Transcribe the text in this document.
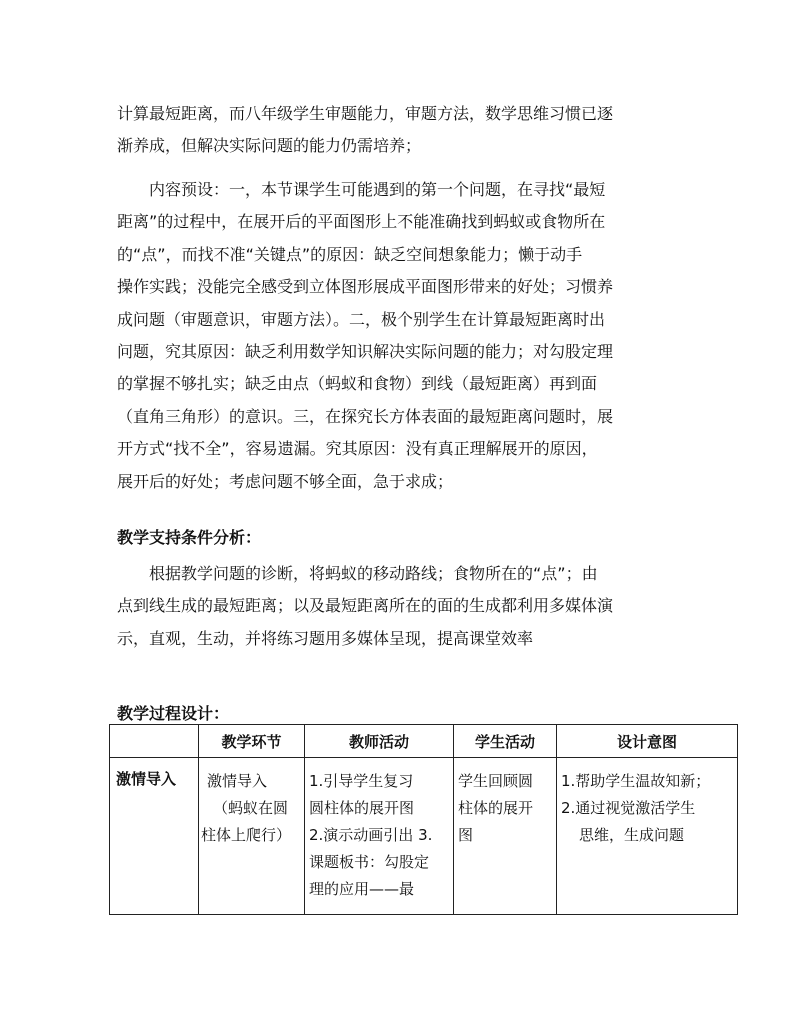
计算最短距离，而八年级学生审题能力，审题方法，数学思维习惯已逐
渐养成，但解决实际问题的能力仍需培养；

内容预设：一，本节课学生可能遇到的第一个问题，在寻找“最短
距离”的过程中，在展开后的平面图形上不能准确找到蚂蚁或食物所在
的“点”，而找不准“关键点”的原因：缺乏空间想象能力；懒于动手
操作实践；没能完全感受到立体图形展成平面图形带来的好处；习惯养
成问题（审题意识，审题方法）。二，极个别学生在计算最短距离时出
问题，究其原因：缺乏利用数学知识解决实际问题的能力；对勾股定理
的掌握不够扎实；缺乏由点（蚂蚁和食物）到线（最短距离）再到面
（直角三角形）的意识。三，在探究长方体表面的最短距离问题时，展
开方式“找不全”，容易遗漏。究其原因：没有真正理解展开的原因，
展开后的好处；考虑问题不够全面，急于求成；

教学支持条件分析：

根据教学问题的诊断，将蚂蚁的移动路线；食物所在的“点”；由
点到线生成的最短距离；以及最短距离所在的面的生成都利用多媒体演
示，直观，生动，并将练习题用多媒体呈现，提高课堂效率

教学过程设计：
	教学环节	教师活动	学生活动	设计意图

激情导入	激情导入
（蚂蚁在圆
柱体上爬行）	1.引导学生复习
圆柱体的展开图
2.演示动画引出 3.
课题板书：勾股定
理的应用——最	学生回顾圆
柱体的展开
图	1.帮助学生温故知新；
2.通过视觉激活学生
思维，生成问题
